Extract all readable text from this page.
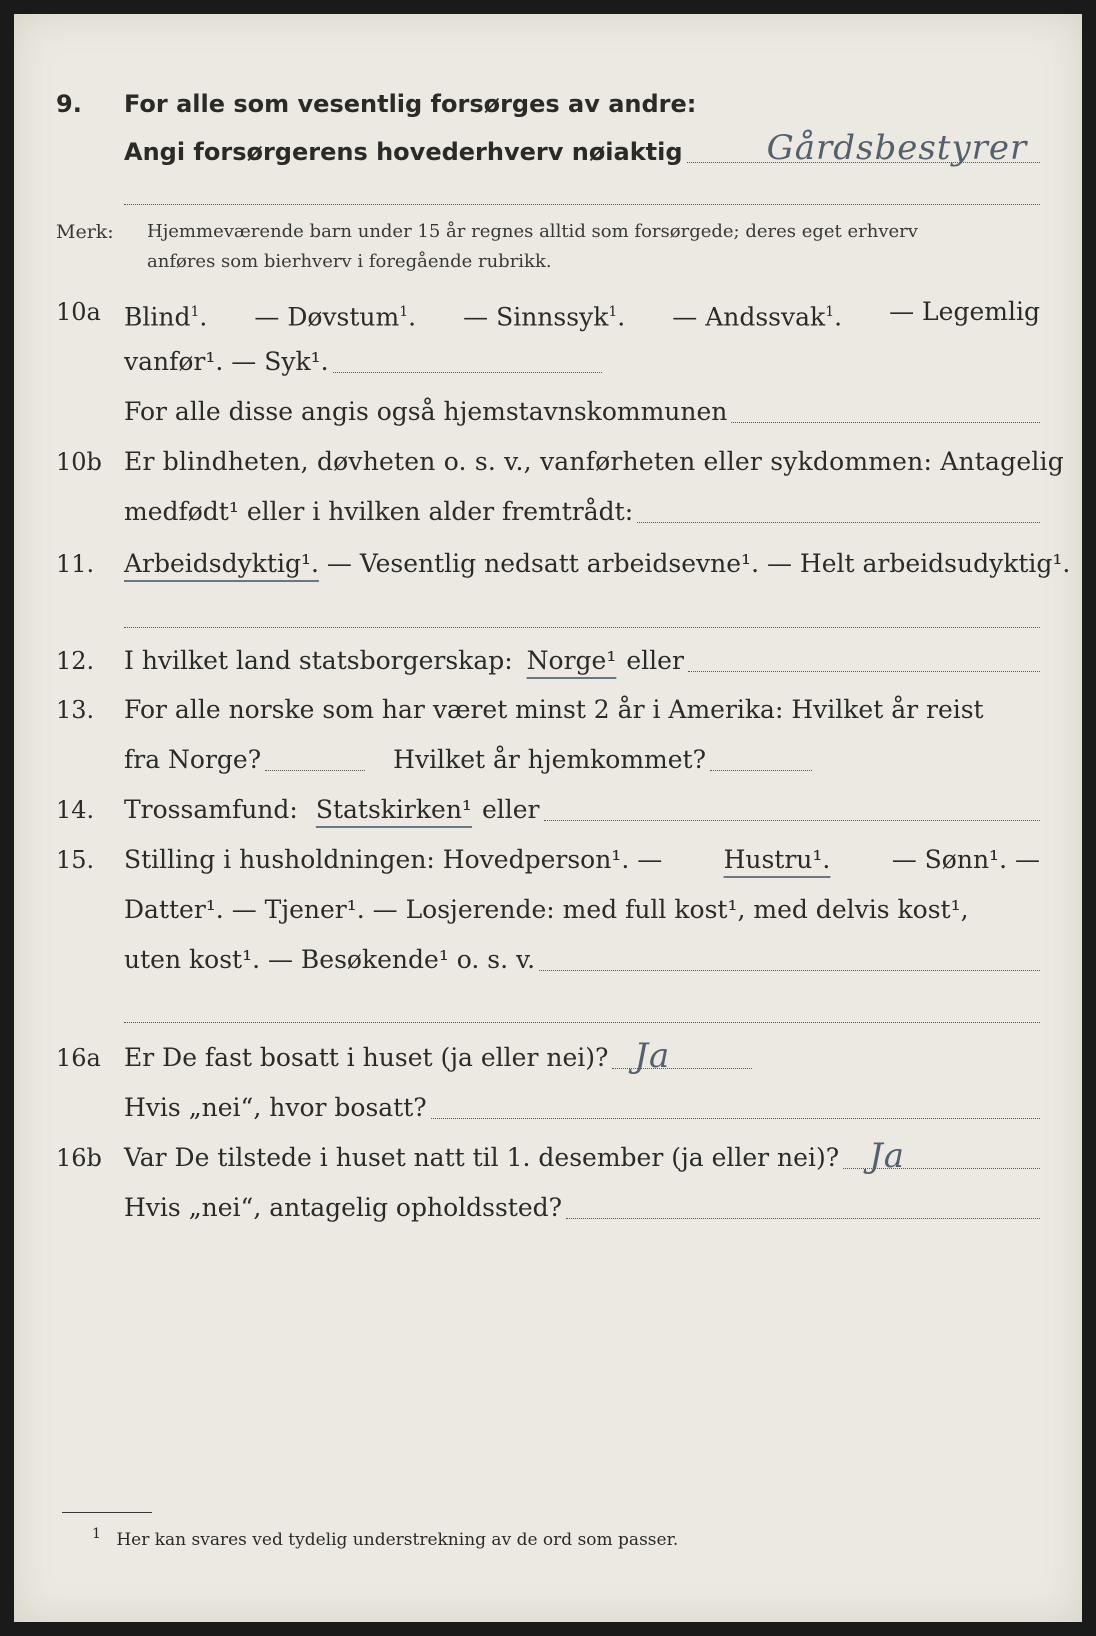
9. For alle som vesentlig forsørges av andre:
Angi forsørgerens hovederhverv nøiaktig Gårdsbestyrer
Merk: Hjemmeværende barn under 15 år regnes alltid som forsørgede; deres eget erhverv
anføres som bierhverv i foregående rubrikk.
10a Blind$^1$. — Døvstum$^1$. — Sinnssyk$^1$. — Andssvak$^1$. — Legemlig
vanfør¹. — Syk¹.
For alle disse angis også hjemstavnskommunen
10b Er blindheten, døvheten o. s. v., vanførheten eller sykdommen: Antagelig
medfødt¹ eller i hvilken alder fremtrådt:
11. Arbeidsdyktig¹. — Vesentlig nedsatt arbeidsevne¹. — Helt arbeidsudyktig¹.
12. I hvilket land statsborgerskap: Norge¹ eller
13. For alle norske som har været minst 2 år i Amerika: Hvilket år reist
fra Norge?	Hvilket år hjemkommet?
14. Trossamfund: Statskirken¹ eller
15. Stilling i husholdningen: Hovedperson¹. — Hustru¹. — Sønn¹. —
Datter¹. — Tjener¹. — Losjerende: med full kost¹, med delvis kost¹,
uten kost¹. — Besøkende¹ o. s. v.
16a Er De fast bosatt i huset (ja eller nei)? Ja
Hvis „nei“, hvor bosatt?
16b Var De tilstede i huset natt til 1. desember (ja eller nei)? Ja
Hvis „nei“, antagelig opholdssted?
$^1$ Her kan svares ved tydelig understrekning av de ord som passer.
